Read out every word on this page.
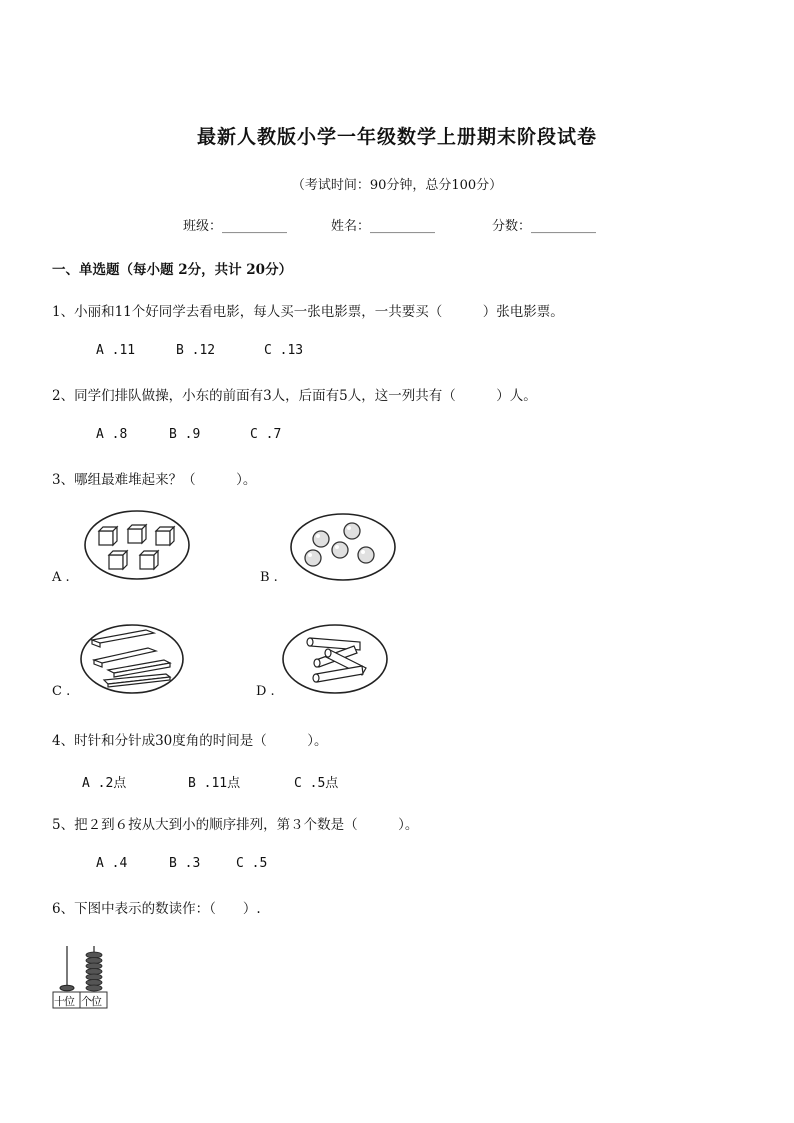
最新人教版小学一年级数学上册期末阶段试卷
（考试时间：90分钟，总分100分）
班级：__________	姓名：__________	分数：__________
一、单选题（每小题 2分，共计 20分）
1、小丽和11个好同学去看电影，每人买一张电影票，一共要买（　　　）张电影票。
A .11	B .12	C .13
2、同学们排队做操，小东的前面有3人，后面有5人，这一列共有（　　　）人。
A .8	B .9	C .7
3、哪组最难堆起来？（　　　）。
A .	B .
C .	D .
4、时针和分针成30度角的时间是（　　　）。
A .2点	B .11点	C .5点
5、把２到６按从大到小的顺序排列，第３个数是（　　　）。
A .4	B .3	C .5
6、下图中表示的数读作：（　　）.
十位 个位
